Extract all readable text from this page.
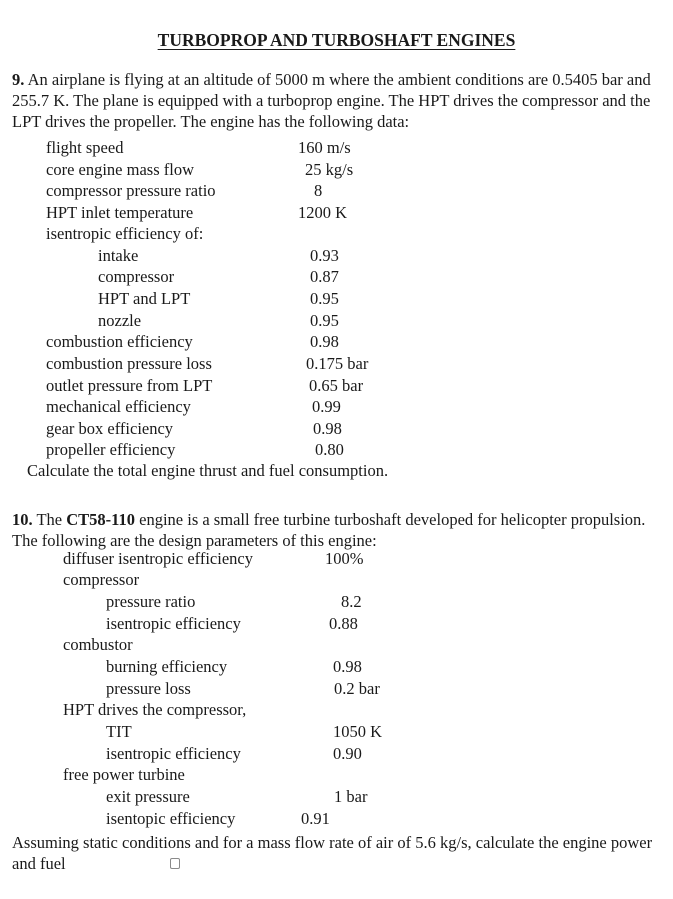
TURBOPROP AND TURBOSHAFT ENGINES
9. An airplane is flying at an altitude of 5000 m where the ambient conditions are 0.5405 bar and 255.7 K. The plane is equipped with a turboprop engine. The HPT drives the compressor and the LPT drives the propeller. The engine has the following data:
flight speed	160 m/s
core engine mass flow	25 kg/s
compressor pressure ratio	8
HPT inlet temperature	1200 K
isentropic efficiency of:
intake	0.93
compressor	0.87
HPT and LPT	0.95
nozzle	0.95
combustion efficiency	0.98
combustion pressure loss	0.175 bar
outlet pressure from LPT	0.65 bar
mechanical efficiency	0.99
gear box efficiency	0.98
propeller efficiency	0.80
Calculate the total engine thrust and fuel consumption.
10. The CT58-110 engine is a small free turbine turboshaft developed for helicopter propulsion. The following are the design parameters of this engine:
diffuser isentropic efficiency	100%
compressor
pressure ratio	8.2
isentropic efficiency	0.88
combustor
burning efficiency	0.98
pressure loss	0.2 bar
HPT drives the compressor,
TIT	1050 K
isentropic efficiency	0.90
free power turbine
exit pressure	1 bar
isentopic efficiency	0.91
Assuming static conditions and for a mass flow rate of air of 5.6 kg/s, calculate the engine power and fuel
